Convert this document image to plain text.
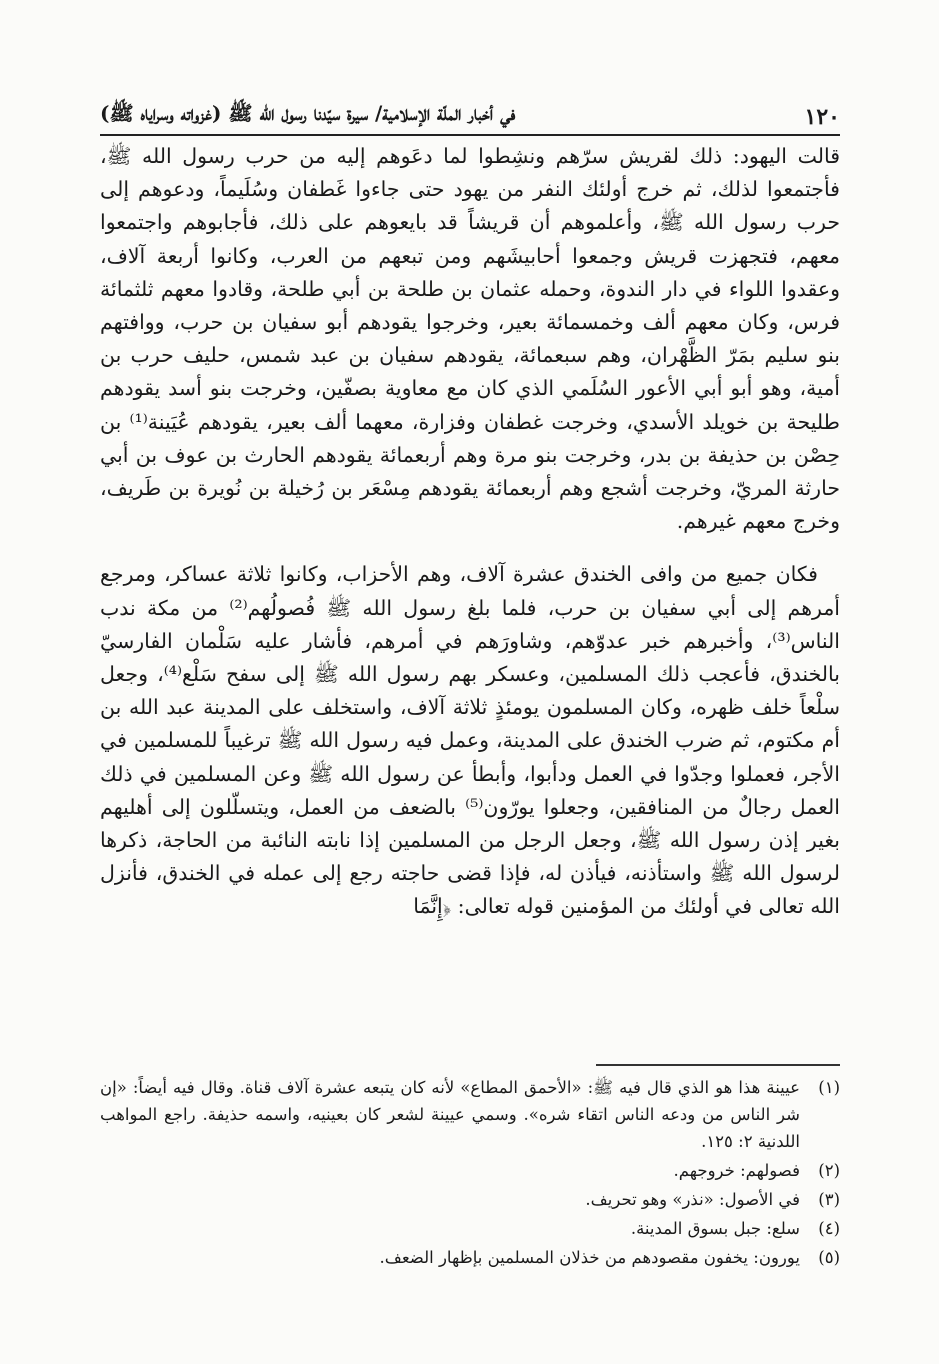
١٢٠
في أخبار الملّة الإسلامية/ سيرة سيّدنا رسول الله ﷺ (غزواته وسراياه ﷺ)

قالت اليهود: ذلك لقريش سرّهم ونشِطوا لما دعَوهم إليه من حرب رسول الله ﷺ، فأجتمعوا لذلك، ثم خرج أولئك النفر من يهود حتى جاءوا غَطفان وسُلَيماً، ودعوهم إلى حرب رسول الله ﷺ، وأعلموهم أن قريشاً قد بايعوهم على ذلك، فأجابوهم واجتمعوا معهم، فتجهزت قريش وجمعوا أحابيشَهم ومن تبعهم من العرب، وكانوا أربعة آلاف، وعقدوا اللواء في دار الندوة، وحمله عثمان بن طلحة بن أبي طلحة، وقادوا معهم ثلثمائة فرس، وكان معهم ألف وخمسمائة بعير، وخرجوا يقودهم أبو سفيان بن حرب، ووافتهم بنو سليم بمَرّ الظَّهْران، وهم سبعمائة، يقودهم سفيان بن عبد شمس، حليف حرب بن أمية، وهو أبو أبي الأعور السُلَمي الذي كان مع معاوية بصفّين، وخرجت بنو أسد يقودهم طليحة بن خويلد الأسدي، وخرجت غطفان وفزارة، معهما ألف بعير، يقودهم عُيَينة⁽¹⁾ بن حِصْن بن حذيفة بن بدر، وخرجت بنو مرة وهم أربعمائة يقودهم الحارث بن عوف بن أبي حارثة المريّ، وخرجت أشجع وهم أربعمائة يقودهم مِسْعَر بن رُخيلة بن نُويرة بن طَريف، وخرج معهم غيرهم.

فكان جميع من وافى الخندق عشرة آلاف، وهم الأحزاب، وكانوا ثلاثة عساكر، ومرجع أمرهم إلى أبي سفيان بن حرب، فلما بلغ رسول الله ﷺ فُصولُهم⁽²⁾ من مكة ندب الناس⁽³⁾، وأخبرهم خبر عدوّهم، وشاورَهم في أمرهم، فأشار عليه سَلْمان الفارسيّ بالخندق، فأعجب ذلك المسلمين، وعسكر بهم رسول الله ﷺ إلى سفح سَلْع⁽⁴⁾، وجعل سلْعاً خلف ظهره، وكان المسلمون يومئذٍ ثلاثة آلاف، واستخلف على المدينة عبد الله بن أم مكتوم، ثم ضرب الخندق على المدينة، وعمل فيه رسول الله ﷺ ترغيباً للمسلمين في الأجر، فعملوا وجدّوا في العمل ودأبوا، وأبطأ عن رسول الله ﷺ وعن المسلمين في ذلك العمل رجالٌ من المنافقين، وجعلوا يورّون⁽⁵⁾ بالضعف من العمل، ويتسلّلون إلى أهليهم بغير إذن رسول الله ﷺ، وجعل الرجل من المسلمين إذا نابته النائبة من الحاجة، ذكرها لرسول الله ﷺ واستأذنه، فيأذن له، فإذا قضى حاجته رجع إلى عمله في الخندق، فأنزل الله تعالى في أولئك من المؤمنين قوله تعالى: ﴿إِنَّمَا

(١)
عيينة هذا هو الذي قال فيه ﷺ: «الأحمق المطاع» لأنه كان يتبعه عشرة آلاف قناة. وقال فيه أيضاً: «إن شر الناس من ودعه الناس اتقاء شره». وسمي عيينة لشعر كان بعينيه، واسمه حذيفة. راجع المواهب اللدنية ٢: ١٢٥.
(٢)
فصولهم: خروجهم.
(٣)
في الأصول: «نذر» وهو تحريف.
(٤)
سلع: جبل بسوق المدينة.
(٥)
يورون: يخفون مقصودهم من خذلان المسلمين بإظهار الضعف.
